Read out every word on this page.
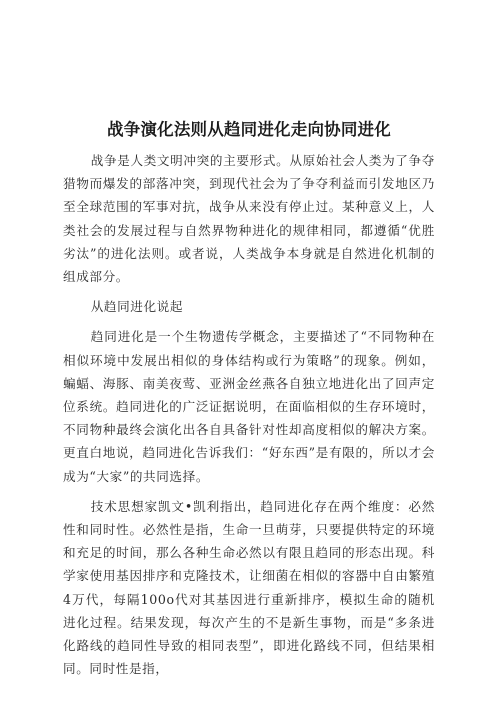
战争演化法则从趋同进化走向协同进化

战争是人类文明冲突的主要形式。从原始社会人类为了争夺猎物而爆发的部落冲突，到现代社会为了争夺利益而引发地区乃至全球范围的军事对抗，战争从来没有停止过。某种意义上，人类社会的发展过程与自然界物种进化的规律相同，都遵循“优胜劣汰”的进化法则。或者说，人类战争本身就是自然进化机制的组成部分。

从趋同进化说起

趋同进化是一个生物遗传学概念，主要描述了“不同物种在相似环境中发展出相似的身体结构或行为策略”的现象。例如，蝙蝠、海豚、南美夜莺、亚洲金丝燕各自独立地进化出了回声定位系统。趋同进化的广泛证据说明，在面临相似的生存环境时，不同物种最终会演化出各自具备针对性却高度相似的解决方案。更直白地说，趋同进化告诉我们：“好东西”是有限的，所以才会成为“大家”的共同选择。

技术思想家凯文•凯利指出，趋同进化存在两个维度：必然性和同时性。必然性是指，生命一旦萌芽，只要提供特定的环境和充足的时间，那么各种生命必然以有限且趋同的形态出现。科学家使用基因排序和克隆技术，让细菌在相似的容器中自由繁殖4万代，每隔100o代对其基因进行重新排序，模拟生命的随机进化过程。结果发现，每次产生的不是新生事物，而是“多条进化路线的趋同性导致的相同表型”，即进化路线不同，但结果相同。同时性是指，
